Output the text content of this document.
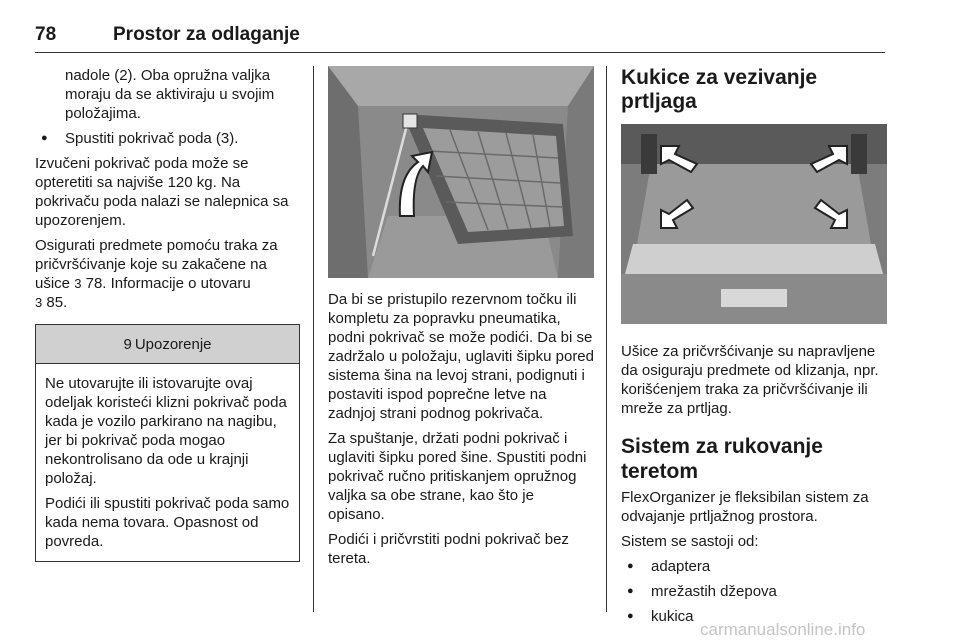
78	Prostor za odlaganje
nadole (2). Oba opružna valjka
moraju da se aktiviraju u svojim
položajima.

● Spustiti pokrivač poda (3).

Izvučeni pokrivač poda može se opteretiti sa najviše 120 kg. Na pokrivaču poda nalazi se nalepnica sa upozorenjem.

Osigurati predmete pomoću traka za pričvršćivanje koje su zakačene na ušice 3 78. Informacije o utovaru
3 85.

9 Upozorenje

Ne utovarujte ili istovarujte ovaj odeljak koristeći klizni pokrivač poda kada je vozilo parkirano na nagibu, jer bi pokrivač poda mogao nekontrolisano da ode u krajnji položaj.

Podići ili spustiti pokrivač poda samo kada nema tovara. Opasnost od povreda.

Da bi se pristupilo rezervnom točku ili kompletu za popravku pneumatika, podni pokrivač se može podići. Da bi se zadržalo u položaju, uglaviti šipku pored sistema šina na levoj strani, podignuti i postaviti ispod poprečne letve na zadnjoj strani podnog pokrivača.

Za spuštanje, držati podni pokrivač i uglaviti šipku pored šine. Spustiti podni pokrivač ručno pritiskanjem opružnog valjka sa obe strane, kao što je opisano.

Podići i pričvrstiti podni pokrivač bez tereta.

Kukice za vezivanje prtljaga

Ušice za pričvršćivanje su napravljene da osiguraju predmete od klizanja, npr. korišćenjem traka za pričvršćivanje ili mreže za prtljag.

Sistem za rukovanje teretom

FlexOrganizer je fleksibilan sistem za odvajanje prtljažnog prostora.

Sistem se sastoji od:

● adaptera

● mrežastih džepova

● kukica

carmanualsonline.info
